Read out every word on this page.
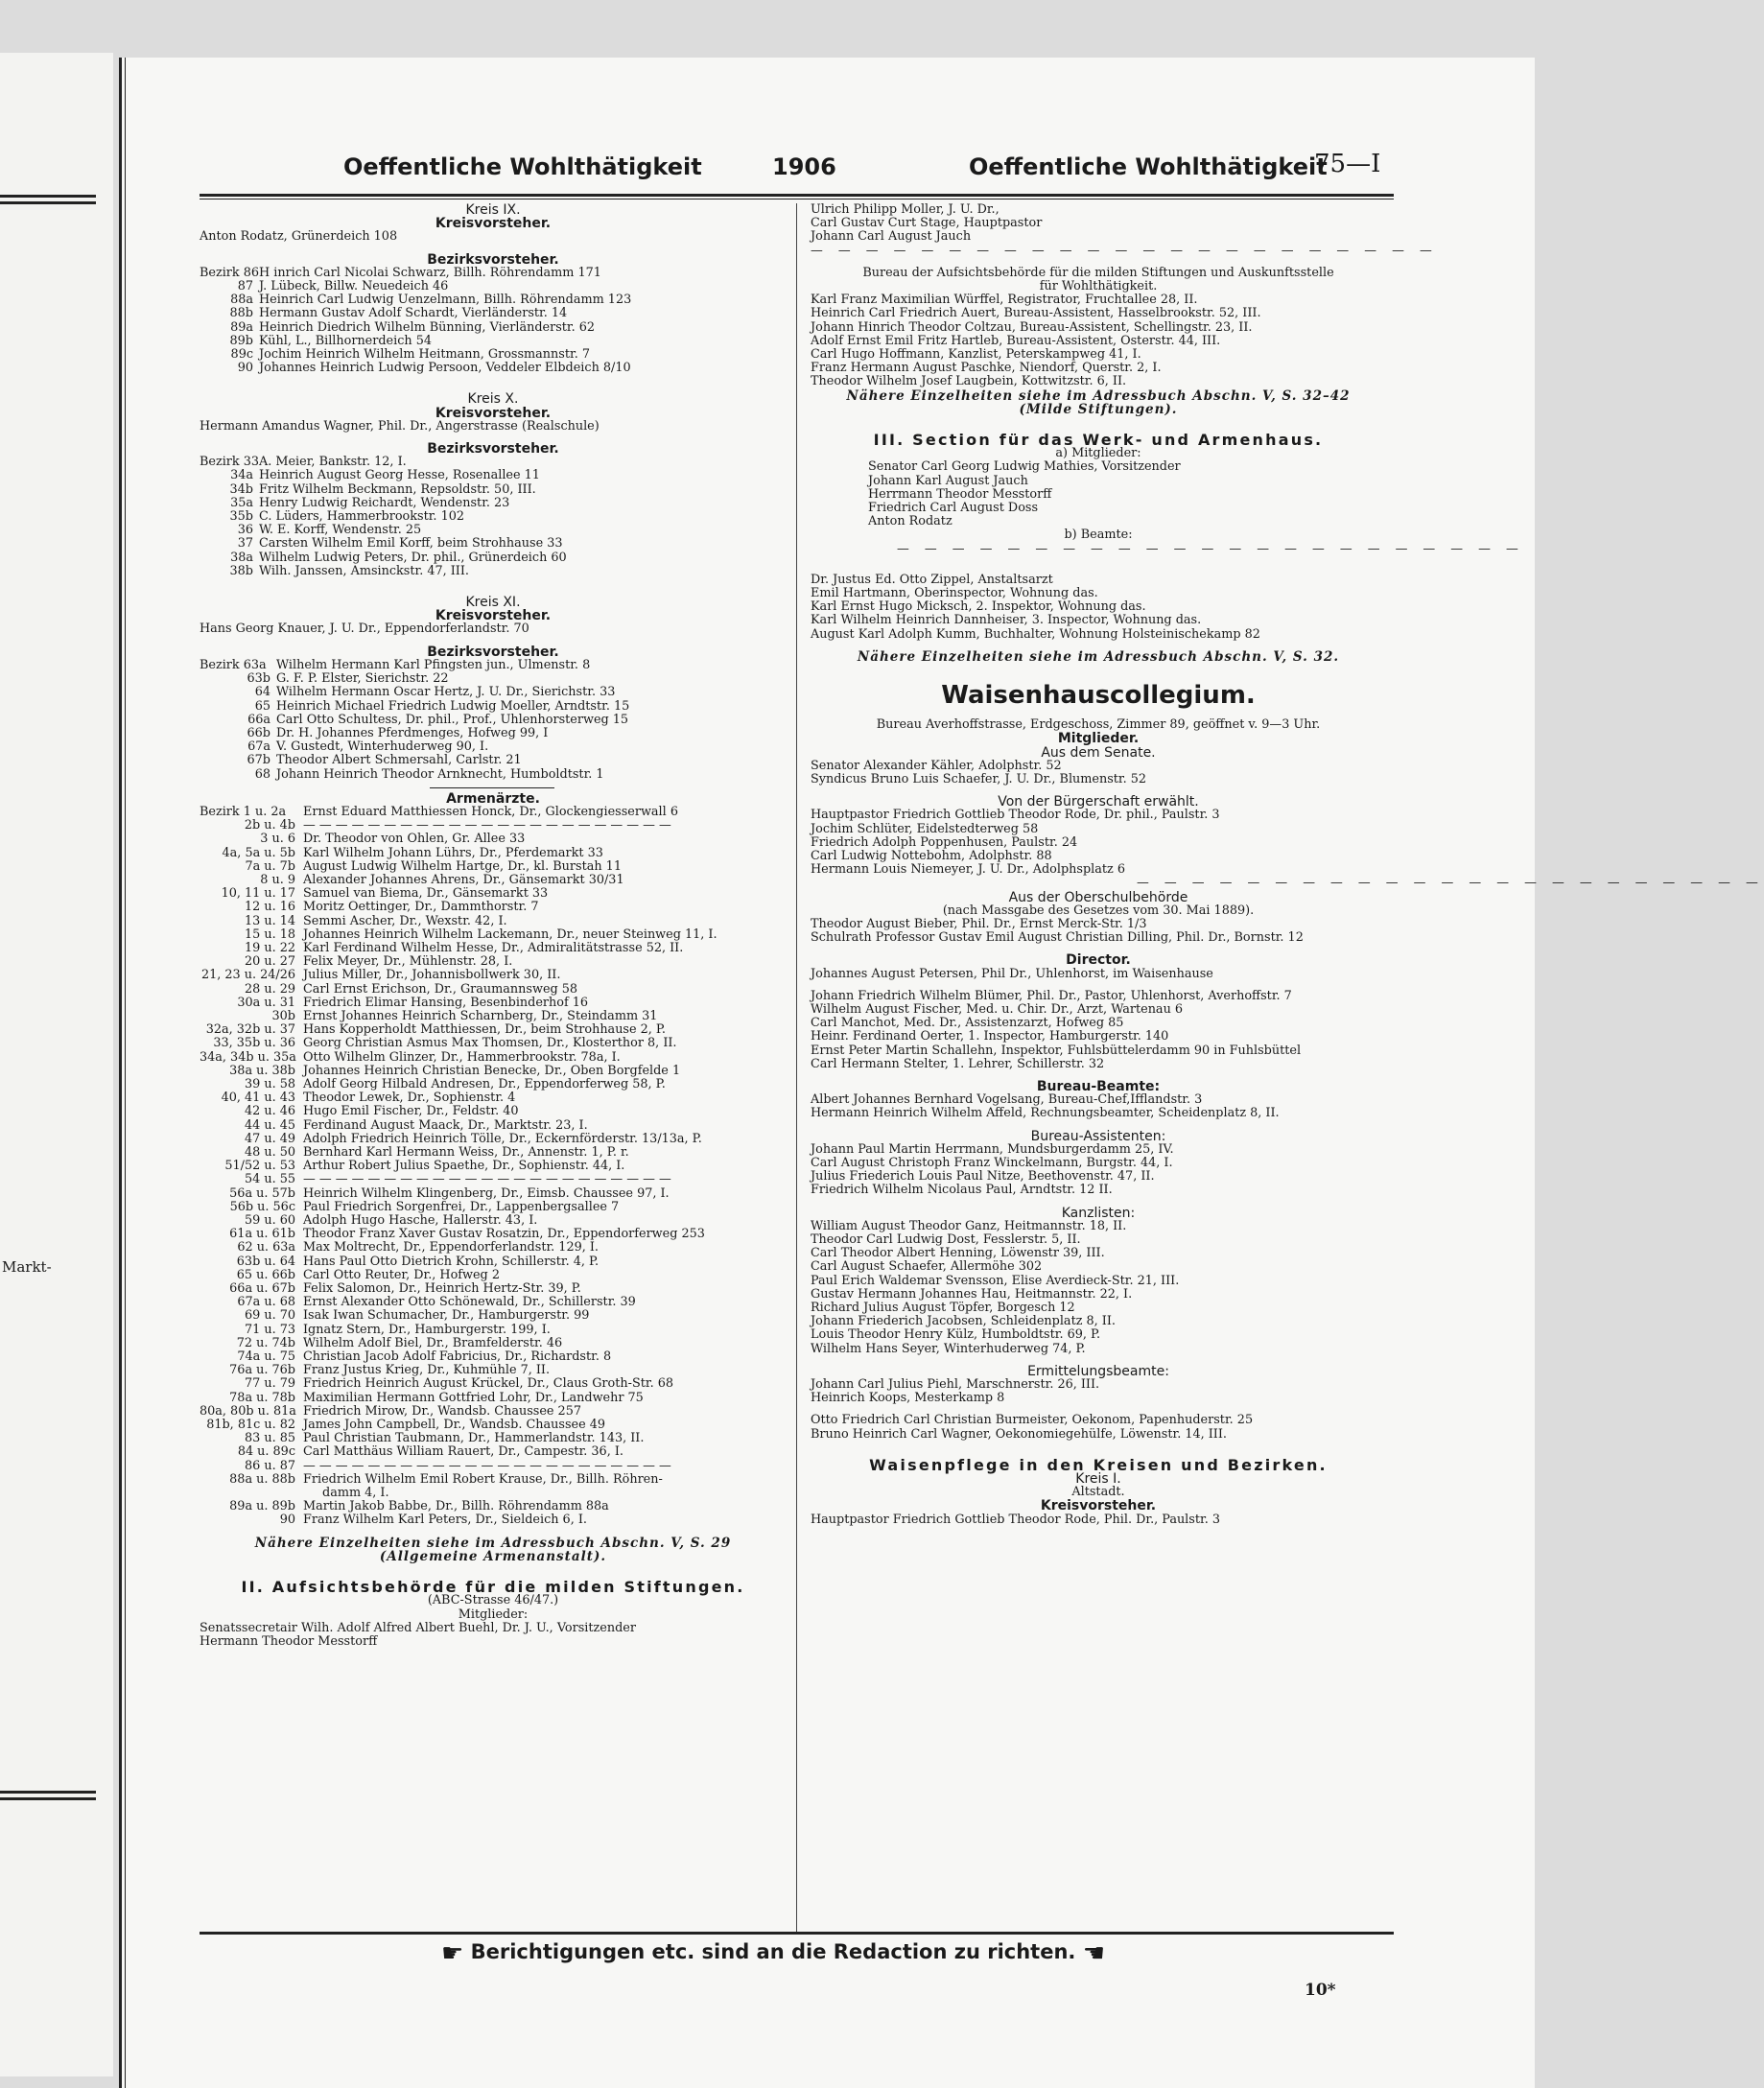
Markt-
Oeffentliche Wohlthätigkeit	1906	Oeffentliche Wohlthätigkeit
75—I
Kreis IX.
Kreisvorsteher.
Anton Rodatz, Grünerdeich 108
Bezirksvorsteher.
Bezirk 86 H inrich Carl Nicolai Schwarz, Billh. Röhrendamm 171
87 J. Lübeck, Billw. Neuedeich 46
88a Heinrich Carl Ludwig Uenzelmann, Billh. Röhrendamm 123
88b Hermann Gustav Adolf Schardt, Vierländerstr. 14
89a Heinrich Diedrich Wilhelm Bünning, Vierländerstr. 62
89b Kühl, L., Billhornerdeich 54
89c Jochim Heinrich Wilhelm Heitmann, Grossmannstr. 7
90 Johannes Heinrich Ludwig Persoon, Veddeler Elbdeich 8/10
Kreis X.
Kreisvorsteher.
Hermann Amandus Wagner, Phil. Dr., Angerstrasse (Realschule)
Bezirksvorsteher.
Bezirk 33 A. Meier, Bankstr. 12, I.
34a Heinrich August Georg Hesse, Rosenallee 11
34b Fritz Wilhelm Beckmann, Repsoldstr. 50, III.
35a Henry Ludwig Reichardt, Wendenstr. 23
35b C. Lüders, Hammerbrookstr. 102
36 W. E. Korff, Wendenstr. 25
37 Carsten Wilhelm Emil Korff, beim Strohhause 33
38a Wilhelm Ludwig Peters, Dr. phil., Grünerdeich 60
38b Wilh. Janssen, Amsinckstr. 47, III.
Kreis XI.
Kreisvorsteher.
Hans Georg Knauer, J. U. Dr., Eppendorferlandstr. 70
Bezirksvorsteher.
Bezirk 63a Wilhelm Hermann Karl Pfingsten jun., Ulmenstr. 8
63b G. F. P. Elster, Sierichstr. 22
64 Wilhelm Hermann Oscar Hertz, J. U. Dr., Sierichstr. 33
65 Heinrich Michael Friedrich Ludwig Moeller, Arndtstr. 15
66a Carl Otto Schultess, Dr. phil., Prof., Uhlenhorsterweg 15
66b Dr. H. Johannes Pferdmenges, Hofweg 99, I
67a V. Gustedt, Winterhuderweg 90, I.
67b Theodor Albert Schmersahl, Carlstr. 21
68 Johann Heinrich Theodor Arnknecht, Humboldtstr. 1
Armenärzte.
Bezirk 1 u. 2a	Ernst Eduard Matthiessen Honck, Dr., Glockengiesserwall 6
2b u. 4b — — — — — — — — — — — — — — — — — — — — — — —
3 u. 6 Dr. Theodor von Ohlen, Gr. Allee 33
4a, 5a u. 5b Karl Wilhelm Johann Lührs, Dr., Pferdemarkt 33
7a u. 7b August Ludwig Wilhelm Hartge, Dr., kl. Burstah 11
8 u. 9 Alexander Johannes Ahrens, Dr., Gänsemarkt 30/31
10, 11 u. 17 Samuel van Biema, Dr., Gänsemarkt 33
12 u. 16 Moritz Oettinger, Dr., Dammthorstr. 7
13 u. 14 Semmi Ascher, Dr., Wexstr. 42, I.
15 u. 18 Johannes Heinrich Wilhelm Lackemann, Dr., neuer Steinweg 11, I.
19 u. 22 Karl Ferdinand Wilhelm Hesse, Dr., Admiralitätstrasse 52, II.
20 u. 27 Felix Meyer, Dr., Mühlenstr. 28, I.
21, 23 u. 24/26 Julius Miller, Dr., Johannisbollwerk 30, II.
28 u. 29 Carl Ernst Erichson, Dr., Graumannsweg 58
30a u. 31 Friedrich Elimar Hansing, Besenbinderhof 16
30b Ernst Johannes Heinrich Scharnberg, Dr., Steindamm 31
32a, 32b u. 37 Hans Kopperholdt Matthiessen, Dr., beim Strohhause 2, P.
33, 35b u. 36 Georg Christian Asmus Max Thomsen, Dr., Klosterthor 8, II.
34a, 34b u. 35a Otto Wilhelm Glinzer, Dr., Hammerbrookstr. 78a, I.
38a u. 38b Johannes Heinrich Christian Benecke, Dr., Oben Borgfelde 1
39 u. 58 Adolf Georg Hilbald Andresen, Dr., Eppendorferweg 58, P.
40, 41 u. 43 Theodor Lewek, Dr., Sophienstr. 4
42 u. 46 Hugo Emil Fischer, Dr., Feldstr. 40
44 u. 45 Ferdinand August Maack, Dr., Marktstr. 23, I.
47 u. 49 Adolph Friedrich Heinrich Tölle, Dr., Eckernförderstr. 13/13a, P.
48 u. 50 Bernhard Karl Hermann Weiss, Dr., Annenstr. 1, P. r.
51/52 u. 53 Arthur Robert Julius Spaethe, Dr., Sophienstr. 44, I.
54 u. 55 — — — — — — — — — — — — — — — — — — — — — — —
56a u. 57b Heinrich Wilhelm Klingenberg, Dr., Eimsb. Chaussee 97, I.
56b u. 56c Paul Friedrich Sorgenfrei, Dr., Lappenbergsallee 7
59 u. 60 Adolph Hugo Hasche, Hallerstr. 43, I.
61a u. 61b Theodor Franz Xaver Gustav Rosatzin, Dr., Eppendorferweg 253
62 u. 63a Max Moltrecht, Dr., Eppendorferlandstr. 129, I.
63b u. 64 Hans Paul Otto Dietrich Krohn, Schillerstr. 4, P.
65 u. 66b Carl Otto Reuter, Dr., Hofweg 2
66a u. 67b Felix Salomon, Dr., Heinrich Hertz-Str. 39, P.
67a u. 68 Ernst Alexander Otto Schönewald, Dr., Schillerstr. 39
69 u. 70 Isak Iwan Schumacher, Dr., Hamburgerstr. 99
71 u. 73 Ignatz Stern, Dr., Hamburgerstr. 199, I.
72 u. 74b Wilhelm Adolf Biel, Dr., Bramfelderstr. 46
74a u. 75 Christian Jacob Adolf Fabricius, Dr., Richardstr. 8
76a u. 76b Franz Justus Krieg, Dr., Kuhmühle 7, II.
77 u. 79 Friedrich Heinrich August Krückel, Dr., Claus Groth-Str. 68
78a u. 78b Maximilian Hermann Gottfried Lohr, Dr., Landwehr 75
80a, 80b u. 81a Friedrich Mirow, Dr., Wandsb. Chaussee 257
81b, 81c u. 82 James John Campbell, Dr., Wandsb. Chaussee 49
83 u. 85 Paul Christian Taubmann, Dr., Hammerlandstr. 143, II.
84 u. 89c Carl Matthäus William Rauert, Dr., Campestr. 36, I.
86 u. 87 — — — — — — — — — — — — — — — — — — — — — — —
88a u. 88b Friedrich Wilhelm Emil Robert Krause, Dr., Billh. Röhren-
damm 4, I.
89a u. 89b Martin Jakob Babbe, Dr., Billh. Röhrendamm 88a
90 Franz Wilhelm Karl Peters, Dr., Sieldeich 6, I.
Nähere Einzelheiten siehe im Adressbuch Abschn. V, S. 29
(Allgemeine Armenanstalt).
II. Aufsichtsbehörde für die milden Stiftungen.
(ABC-Strasse 46/47.)
Mitglieder:
Senatssecretair Wilh. Adolf Alfred Albert Buehl, Dr. J. U., Vorsitzender
Hermann Theodor Messtorff
Ulrich Philipp Moller, J. U. Dr.,
Carl Gustav Curt Stage, Hauptpastor
Johann Carl August Jauch
— — — — — — — — — — — — — — — — — — — — — — —
Bureau der Aufsichtsbehörde für die milden Stiftungen und Auskunftsstelle
für Wohlthätigkeit.
Karl Franz Maximilian Würffel, Registrator, Fruchtallee 28, II.
Heinrich Carl Friedrich Auert, Bureau-Assistent, Hasselbrookstr. 52, III.
Johann Hinrich Theodor Coltzau, Bureau-Assistent, Schellingstr. 23, II.
Adolf Ernst Emil Fritz Hartleb, Bureau-Assistent, Osterstr. 44, III.
Carl Hugo Hoffmann, Kanzlist, Peterskampweg 41, I.
Franz Hermann August Paschke, Niendorf, Querstr. 2, I.
Theodor Wilhelm Josef Laugbein, Kottwitzstr. 6, II.
Nähere Einzelheiten siehe im Adressbuch Abschn. V, S. 32–42
(Milde Stiftungen).
III. Section für das Werk- und Armenhaus.
a) Mitglieder:
Senator Carl Georg Ludwig Mathies, Vorsitzender
Johann Karl August Jauch
Herrmann Theodor Messtorff
Friedrich Carl August Doss
Anton Rodatz
b) Beamte:
— — — — — — — — — — — — — — — — — — — — — — —
Dr. Justus Ed. Otto Zippel, Anstaltsarzt
Emil Hartmann, Oberinspector, Wohnung das.
Karl Ernst Hugo Micksch, 2. Inspektor, Wohnung das.
Karl Wilhelm Heinrich Dannheiser, 3. Inspector, Wohnung das.
August Karl Adolph Kumm, Buchhalter, Wohnung Holsteinischekamp 82
Nähere Einzelheiten siehe im Adressbuch Abschn. V, S. 32.
Waisenhauscollegium.
Bureau Averhoffstrasse, Erdgeschoss, Zimmer 89, geöffnet v. 9—3 Uhr.
Mitglieder.
Aus dem Senate.
Senator Alexander Kähler, Adolphstr. 52
Syndicus Bruno Luis Schaefer, J. U. Dr., Blumenstr. 52
Von der Bürgerschaft erwählt.
Hauptpastor Friedrich Gottlieb Theodor Rode, Dr. phil., Paulstr. 3
Jochim Schlüter, Eidelstedterweg 58
Friedrich Adolph Poppenhusen, Paulstr. 24
Carl Ludwig Nottebohm, Adolphstr. 88
Hermann Louis Niemeyer, J. U. Dr., Adolphsplatz 6
— — — — — — — — — — — — — — — — — — — — — — —
Aus der Oberschulbehörde
(nach Massgabe des Gesetzes vom 30. Mai 1889).
Theodor August Bieber, Phil. Dr., Ernst Merck-Str. 1/3
Schulrath Professor Gustav Emil August Christian Dilling, Phil. Dr., Bornstr. 12
Director.
Johannes August Petersen, Phil Dr., Uhlenhorst, im Waisenhause
Johann Friedrich Wilhelm Blümer, Phil. Dr., Pastor, Uhlenhorst, Averhoffstr. 7
Wilhelm August Fischer, Med. u. Chir. Dr., Arzt, Wartenau 6
Carl Manchot, Med. Dr., Assistenzarzt, Hofweg 85
Heinr. Ferdinand Oerter, 1. Inspector, Hamburgerstr. 140
Ernst Peter Martin Schallehn, Inspektor, Fuhlsbüttelerdamm 90 in Fuhlsbüttel
Carl Hermann Stelter, 1. Lehrer, Schillerstr. 32
Bureau-Beamte:
Albert Johannes Bernhard Vogelsang, Bureau-Chef,Ifflandstr. 3
Hermann Heinrich Wilhelm Affeld, Rechnungsbeamter, Scheidenplatz 8, II.
Bureau-Assistenten:
Johann Paul Martin Herrmann, Mundsburgerdamm 25, IV.
Carl August Christoph Franz Winckelmann, Burgstr. 44, I.
Julius Friederich Louis Paul Nitze, Beethovenstr. 47, II.
Friedrich Wilhelm Nicolaus Paul, Arndtstr. 12 II.
Kanzlisten:
William August Theodor Ganz, Heitmannstr. 18, II.
Theodor Carl Ludwig Dost, Fesslerstr. 5, II.
Carl Theodor Albert Henning, Löwenstr 39, III.
Carl August Schaefer, Allermöhe 302
Paul Erich Waldemar Svensson, Elise Averdieck-Str. 21, III.
Gustav Hermann Johannes Hau, Heitmannstr. 22, I.
Richard Julius August Töpfer, Borgesch 12
Johann Friederich Jacobsen, Schleidenplatz 8, II.
Louis Theodor Henry Külz, Humboldtstr. 69, P.
Wilhelm Hans Seyer, Winterhuderweg 74, P.
Ermittelungsbeamte:
Johann Carl Julius Piehl, Marschnerstr. 26, III.
Heinrich Koops, Mesterkamp 8
Otto Friedrich Carl Christian Burmeister, Oekonom, Papenhuderstr. 25
Bruno Heinrich Carl Wagner, Oekonomiegehülfe, Löwenstr. 14, III.
Waisenpflege in den Kreisen und Bezirken.
Kreis I.
Altstadt.
Kreisvorsteher.
Hauptpastor Friedrich Gottlieb Theodor Rode, Phil. Dr., Paulstr. 3
☛ Berichtigungen etc. sind an die Redaction zu richten. ☚
10*
